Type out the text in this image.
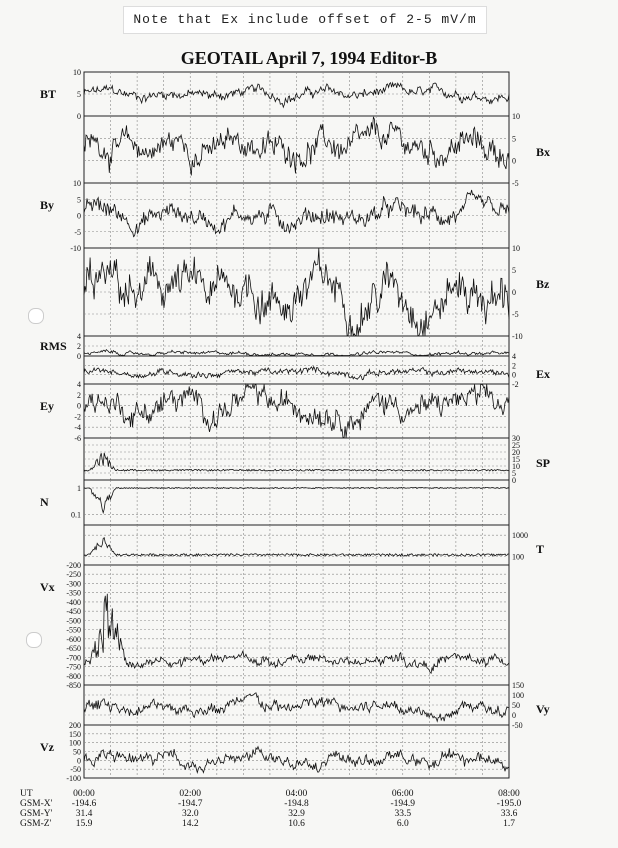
Note that Ex include offset of 2-5 mV/m
GEOTAIL April 7, 1994 Editor-B
10
5
0
BT
10
5
0
-5
Bx
10
5
0
-5
-10
By
10
5
0
-5
-10
Bz
4
2
0
RMS
4
2
0
-2
Ex
4
2
0
-2
-4
-6
Ey
30
25
20
15
10
5
0
SP
1
0.1
N
1000
100
T
-200
-250
-300
-350
-400
-450
-500
-550
-600
-650
-700
-750
-800
-850
Vx
150
100
50
0
-50
Vy
200
150
100
50
0
-50
-100
Vz
UT
GSM-X'
GSM-Y'
GSM-Z'
00:00
-194.6
31.4
15.9
02:00
-194.7
32.0
14.2
04:00
-194.8
32.9
10.6
06:00
-194.9
33.5
6.0
08:00
-195.0
33.6
1.7
